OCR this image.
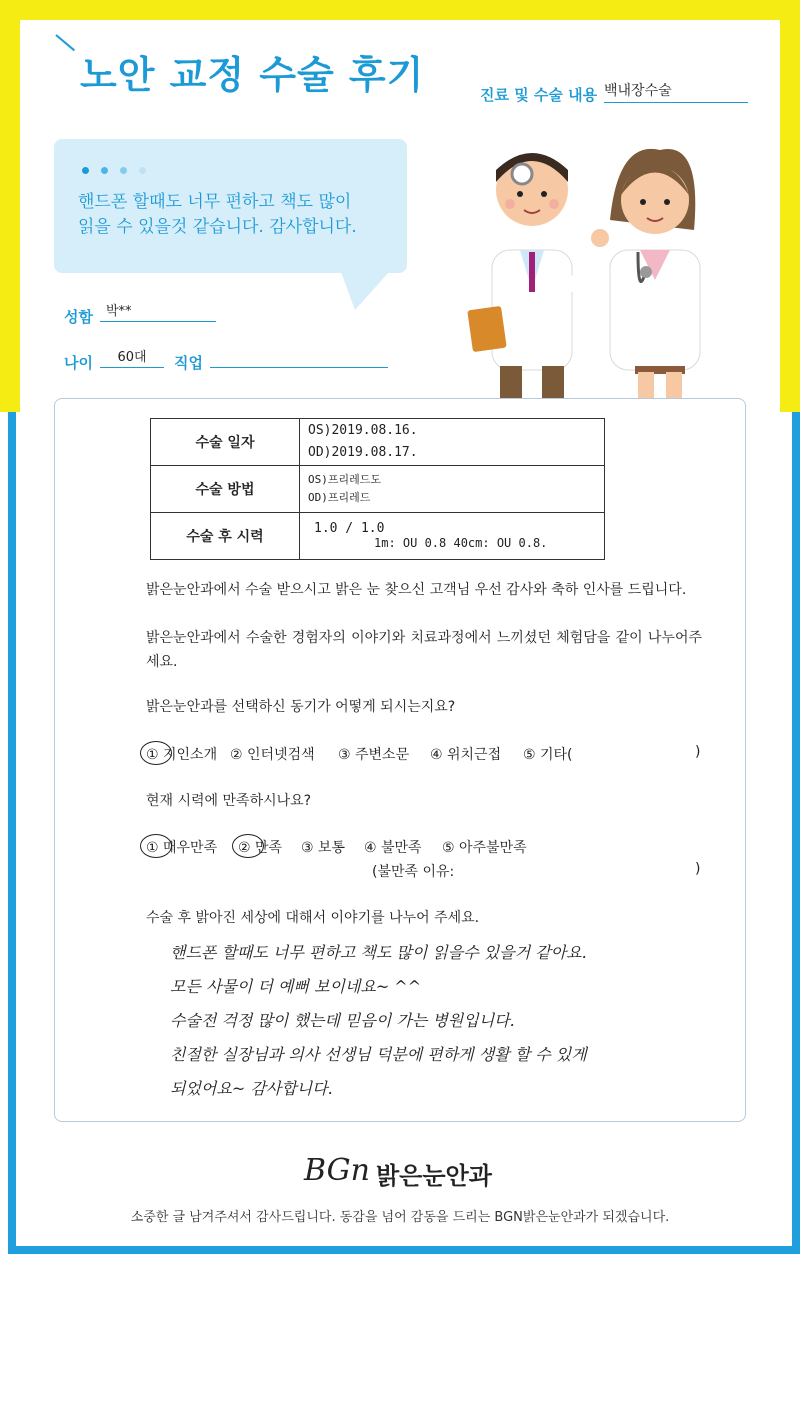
노안 교정 수술 후기	진료 및 수술 내용 백내장수술
핸드폰 할때도 너무 편하고 책도 많이
읽을 수 있을것 같습니다. 감사합니다.
성함	박**
나이	60대	직업
수술 일자	OS)2019.08.16.
OD)2019.08.17.

수술 방법	OS)프리레드도
OD)프리레드

수술 후 시력	1.0 / 1.0 1m: OU 0.8 40cm: OU 0.8.
밝은눈안과에서 수술 받으시고 밝은 눈 찾으신 고객님 우선 감사와 축하 인사를 드립니다.
밝은눈안과에서 수술한 경험자의 이야기와 치료과정에서 느끼셨던 체험담을 같이 나누어주세요.
밝은눈안과를 선택하신 동기가 어떻게 되시는지요?
① 지인소개 ② 인터넷검색 ③ 주변소문 ④ 위치근접 ⑤ 기타(	)
현재 시력에 만족하시나요?
① 매우만족 ② 만족 ③ 보통 ④ 불만족 ⑤ 아주불만족
(불만족 이유:	)
수술 후 밝아진 세상에 대해서 이야기를 나누어 주세요.
핸드폰 할때도 너무 편하고 책도 많이 읽을수 있을거 같아요.
모든 사물이 더 예뻐 보이네요~ ^^
수술전 걱정 많이 했는데 믿음이 가는 병원입니다.
친절한 실장님과 의사 선생님 덕분에 편하게 생활 할 수 있게
되었어요~ 감사합니다.
BGn 밝은눈안과
소중한 글 남겨주셔서 감사드립니다. 동감을 넘어 감동을 드리는 BGN밝은눈안과가 되겠습니다.
